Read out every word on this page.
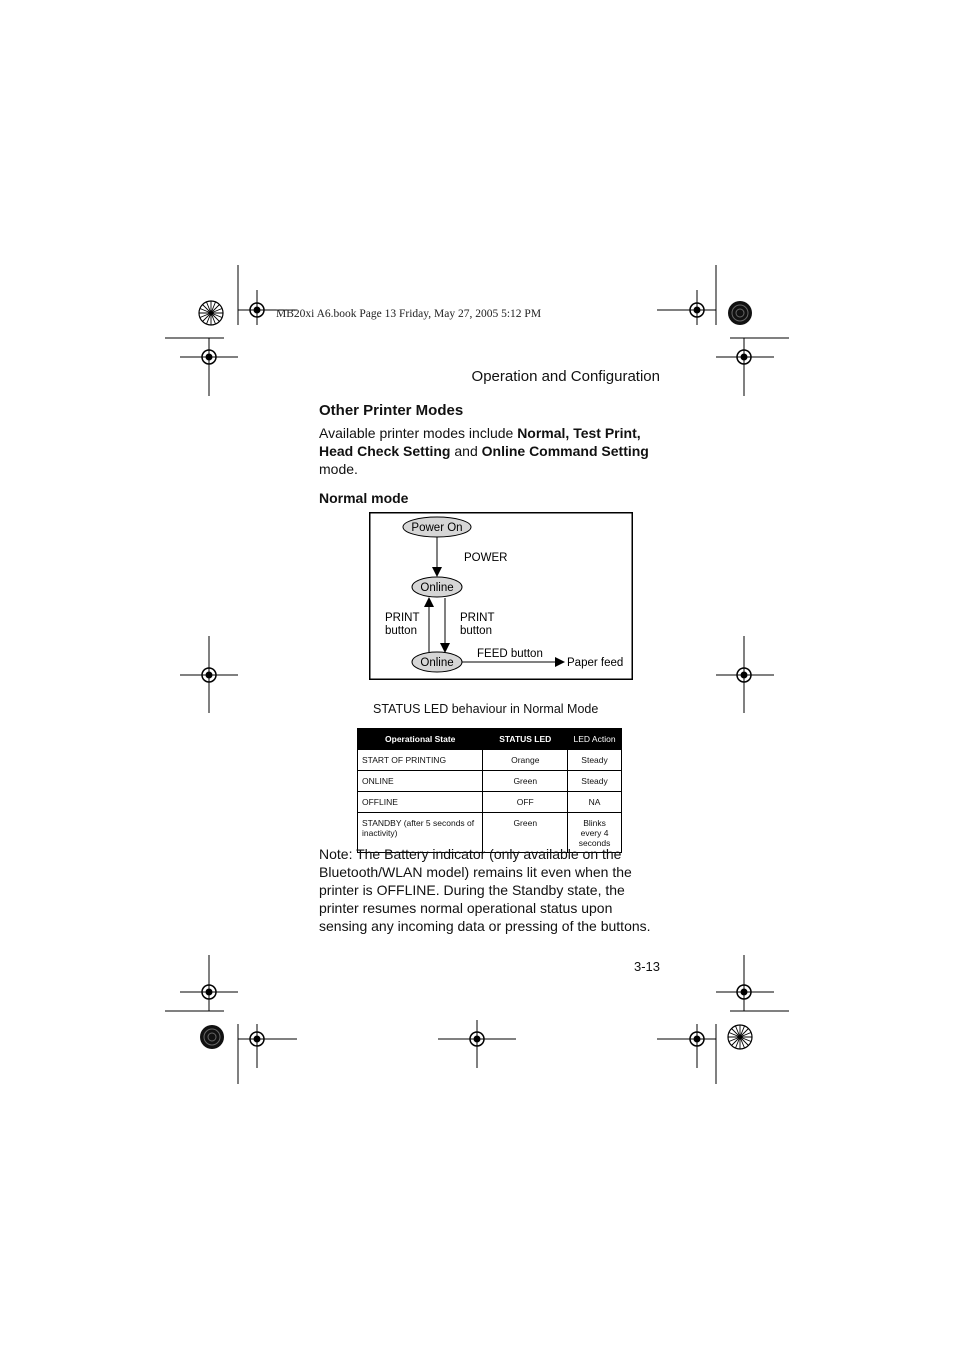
MB20xi A6.book Page 13 Friday, May 27, 2005 5:12 PM
Operation and Configuration
Other Printer Modes
Available printer modes include Normal, Test Print, Head Check Setting and Online Command Setting mode.
Normal mode
Power On
POWER
Online
PRINT
button
PRINT
button
Online
FEED button
Paper feed
STATUS LED behaviour in Normal Mode
Operational State	STATUS LED	LED Action
START OF PRINTING	Orange	Steady
ONLINE	Green	Steady
OFFLINE	OFF	NA
STANDBY (after 5 seconds of inactivity)	Green	Blinks every 4 seconds
Note: The Battery indicator (only available on the Bluetooth/WLAN model) remains lit even when the printer is OFFLINE. During the Standby state, the printer resumes normal operational status upon sensing any incoming data or pressing of the buttons.
3-13
